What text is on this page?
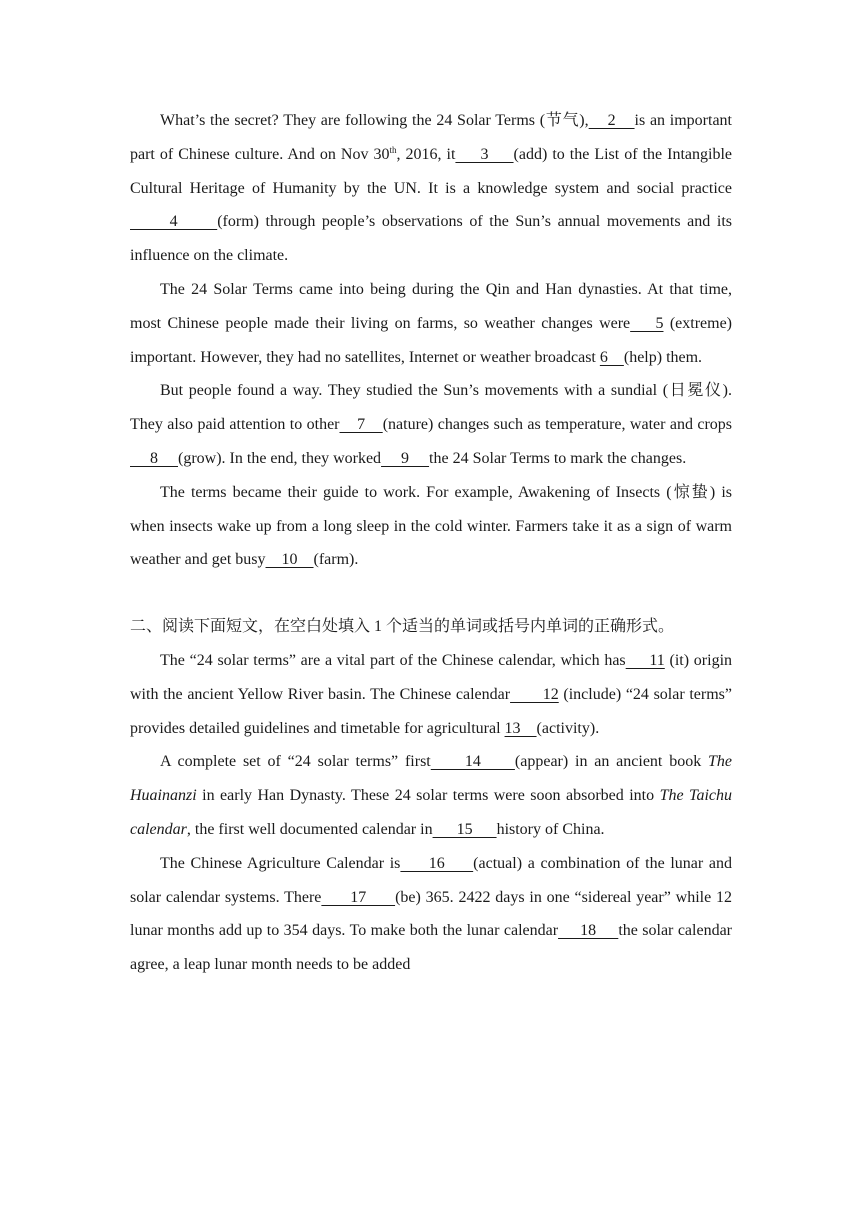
What’s the secret? They are following the 24 Solar Terms (节气),    2    is an important part of Chinese culture. And on Nov 30th, 2016, it     3     (add) to the List of the Intangible Cultural Heritage of Humanity by the UN. It is a knowledge system and social practice      4      (form) through people’s observations of the Sun’s annual movements and its influence on the climate.

The 24 Solar Terms came into being during the Qin and Han dynasties. At that time, most Chinese people made their living on farms, so weather changes were    5 (extreme) important. However, they had no satellites, Internet or weather broadcast 6    (help) them.

But people found a way. They studied the Sun’s movements with a sundial (日冕仪). They also paid attention to other    7    (nature) changes such as temperature, water and crops     8     (grow). In the end, they worked     9     the 24 Solar Terms to mark the changes.

The terms became their guide to work. For example, Awakening of Insects (惊蛰) is when insects wake up from a long sleep in the cold winter. Farmers take it as a sign of warm weather and get busy    10    (farm).

二、阅读下面短文，在空白处填入 1 个适当的单词或括号内单词的正确形式。

The “24 solar terms” are a vital part of the Chinese calendar, which has     11 (it) origin with the ancient Yellow River basin. The Chinese calendar       12 (include) “24 solar terms” provides detailed guidelines and timetable for agricultural 13    (activity).

A complete set of “24 solar terms” first     14     (appear) in an ancient book The Huainanzi in early Han Dynasty. These 24 solar terms were soon absorbed into The Taichu calendar, the first well documented calendar in      15      history of China.

The Chinese Agriculture Calendar is     16     (actual) a combination of the lunar and solar calendar systems. There      17      (be) 365. 2422 days in one “sidereal year” while 12 lunar months add up to 354 days. To make both the lunar calendar     18     the solar calendar agree, a leap lunar month needs to be added
